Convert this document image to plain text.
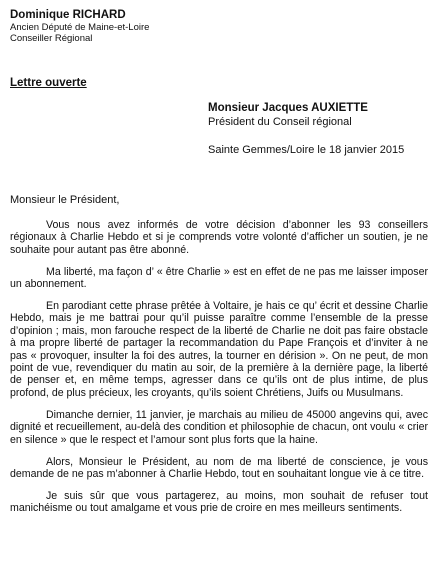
Dominique RICHARD
Ancien Député de Maine-et-Loire
Conseiller Régional
Lettre ouverte
Monsieur Jacques AUXIETTE
Président du Conseil régional
Sainte Gemmes/Loire le 18 janvier 2015
Monsieur le Président,

Vous nous avez informés de votre décision d’abonner les 93 conseillers régionaux à Charlie Hebdo et si je comprends votre volonté d’afficher un soutien, je ne souhaite pour autant pas être abonné.

Ma liberté, ma façon d’ « être Charlie » est en effet de ne pas me laisser imposer un abonnement.

En parodiant cette phrase prêtée à Voltaire, je hais ce qu’ écrit et dessine Charlie Hebdo, mais je me battrai pour qu’il puisse paraître comme l’ensemble de la presse d’opinion ; mais, mon farouche respect de la liberté de Charlie ne doit pas faire obstacle à ma propre liberté de partager la recommandation du Pape François et d’inviter à ne pas « provoquer, insulter la foi des autres, la tourner en dérision ». On ne peut, de mon point de vue, revendiquer du matin au soir, de la première à la dernière page, la liberté de penser et, en même temps, agresser dans ce qu’ils ont de plus intime, de plus profond, de plus précieux, les croyants, qu’ils soient Chrétiens, Juifs ou Musulmans.

Dimanche dernier, 11 janvier, je marchais au milieu de 45000 angevins qui, avec dignité et recueillement, au-delà des condition et philosophie de chacun, ont voulu « crier en silence » que le respect et l’amour sont plus forts que la haine.

Alors, Monsieur le Président, au nom de ma liberté de conscience, je vous demande de ne pas m’abonner à Charlie Hebdo, tout en souhaitant longue vie à ce titre.

Je suis sûr que vous partagerez, au moins, mon souhait de refuser tout manichéisme ou tout amalgame et vous prie de croire en mes meilleurs sentiments.
